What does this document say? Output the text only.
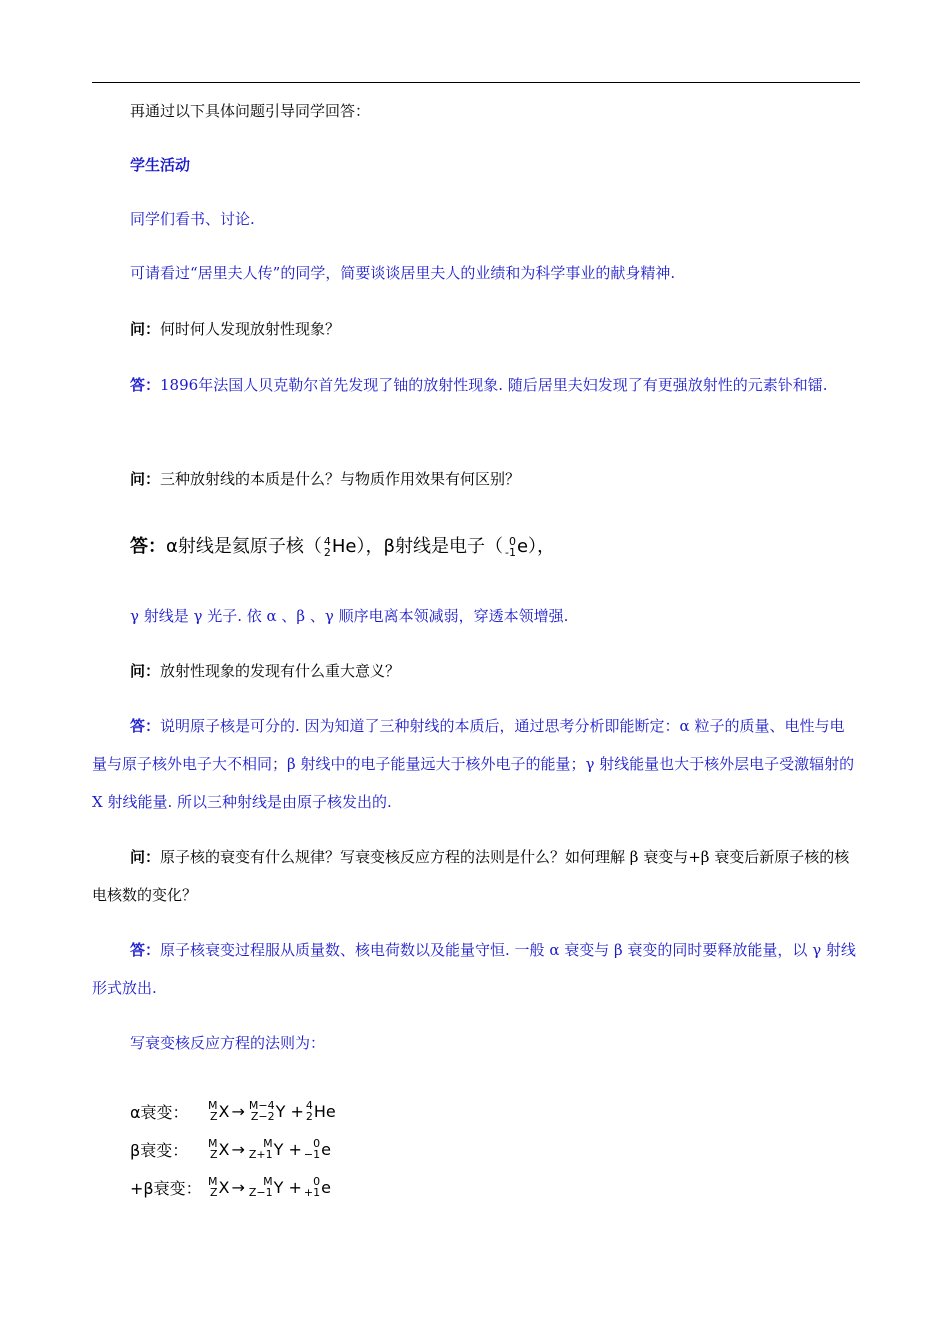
再通过以下具体问题引导同学回答：

学生活动

同学们看书、讨论.

可请看过“居里夫人传”的同学，简要谈谈居里夫人的业绩和为科学事业的献身精神.

问：何时何人发现放射性现象？

答：1896年法国人贝克勒尔首先发现了铀的放射性现象. 随后居里夫妇发现了有更强放射性的元素钋和镭.

问：三种放射线的本质是什么？与物质作用效果有何区别？

答：α射线是氦原子核（ 4
2 He），β射线是电子（ 0
-1 e），

γ 射线是 γ 光子. 依 α 、β 、γ 顺序电离本领减弱，穿透本领增强.

问：放射性现象的发现有什么重大意义？

答：说明原子核是可分的. 因为知道了三种射线的本质后，通过思考分析即能断定：α 粒子的质量、电性与电量与原子核外电子大不相同；β 射线中的电子能量远大于核外电子的能量；γ 射线能量也大于核外层电子受激辐射的 X 射线能量. 所以三种射线是由原子核发出的.

问：原子核的衰变有什么规律？写衰变核反应方程的法则是什么？如何理解 β 衰变与+β 衰变后新原子核的核电核数的变化？

答：原子核衰变过程服从质量数、核电荷数以及能量守恒. 一般 α 衰变与 β 衰变的同时要释放能量，以 γ 射线形式放出.

写衰变核反应方程的法则为：

α衰变：	M
Z X → M−4
Z−2 Y
+ 4
2 He
β衰变：	M
Z X → M
Z+1 Y
+ 0
−1 e
+β衰变： M
Z X → M
Z−1 Y
+ 0
+1 e
